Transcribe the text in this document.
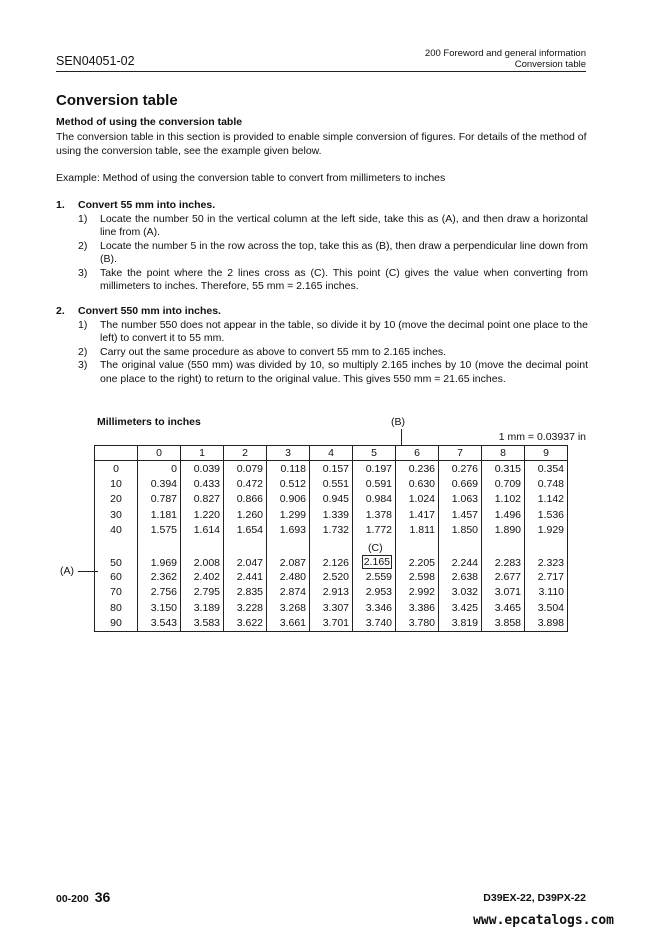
SEN04051-02
200 Foreword and general information
Conversion table
Conversion table
Method of using the conversion table
The conversion table in this section is provided to enable simple conversion of figures. For details of the method of using the conversion table, see the example given below.
Example: Method of using the conversion table to convert from millimeters to inches
1.	Convert 55 mm into inches.
1)	Locate the number 50 in the vertical column at the left side, take this as (A), and then draw a horizontal line from (A).
2)	Locate the number 5 in the row across the top, take this as (B), then draw a perpendicular line down from (B).
3)	Take the point where the 2 lines cross as (C). This point (C) gives the value when converting from millimeters to inches. Therefore, 55 mm = 2.165 inches.
2.	Convert 550 mm into inches.
1)	The number 550 does not appear in the table, so divide it by 10 (move the decimal point one place to the left) to convert it to 55 mm.
2)	Carry out the same procedure as above to convert 55 mm to 2.165 inches.
3)	The original value (550 mm) was divided by 10, so multiply 2.165 inches by 10 (move the decimal point one place to the right) to return to the original value. This gives 550 mm = 21.65 inches.
Millimeters to inches	(B)
1 mm = 0.03937 in
	0	1	2	3	4	5	6	7	8	9
0	0	0.039	0.079	0.118	0.157	0.197	0.236	0.276	0.315	0.354
10	0.394	0.433	0.472	0.512	0.551	0.591	0.630	0.669	0.709	0.748
20	0.787	0.827	0.866	0.906	0.945	0.984	1.024	1.063	1.102	1.142
30	1.181	1.220	1.260	1.299	1.339	1.378	1.417	1.457	1.496	1.536
40	1.575	1.614	1.654	1.693	1.732	1.772	1.811	1.850	1.890	1.929
50	1.969	2.008	2.047	2.087	2.126	2.165	2.205	2.244	2.283	2.323
60	2.362	2.402	2.441	2.480	2.520	2.559	2.598	2.638	2.677	2.717
70	2.756	2.795	2.835	2.874	2.913	2.953	2.992	3.032	3.071	3.110
80	3.150	3.189	3.228	3.268	3.307	3.346	3.386	3.425	3.465	3.504
90	3.543	3.583	3.622	3.661	3.701	3.740	3.780	3.819	3.858	3.898
(C)
(A)
00-200 36	D39EX-22, D39PX-22
www.epcatalogs.com
